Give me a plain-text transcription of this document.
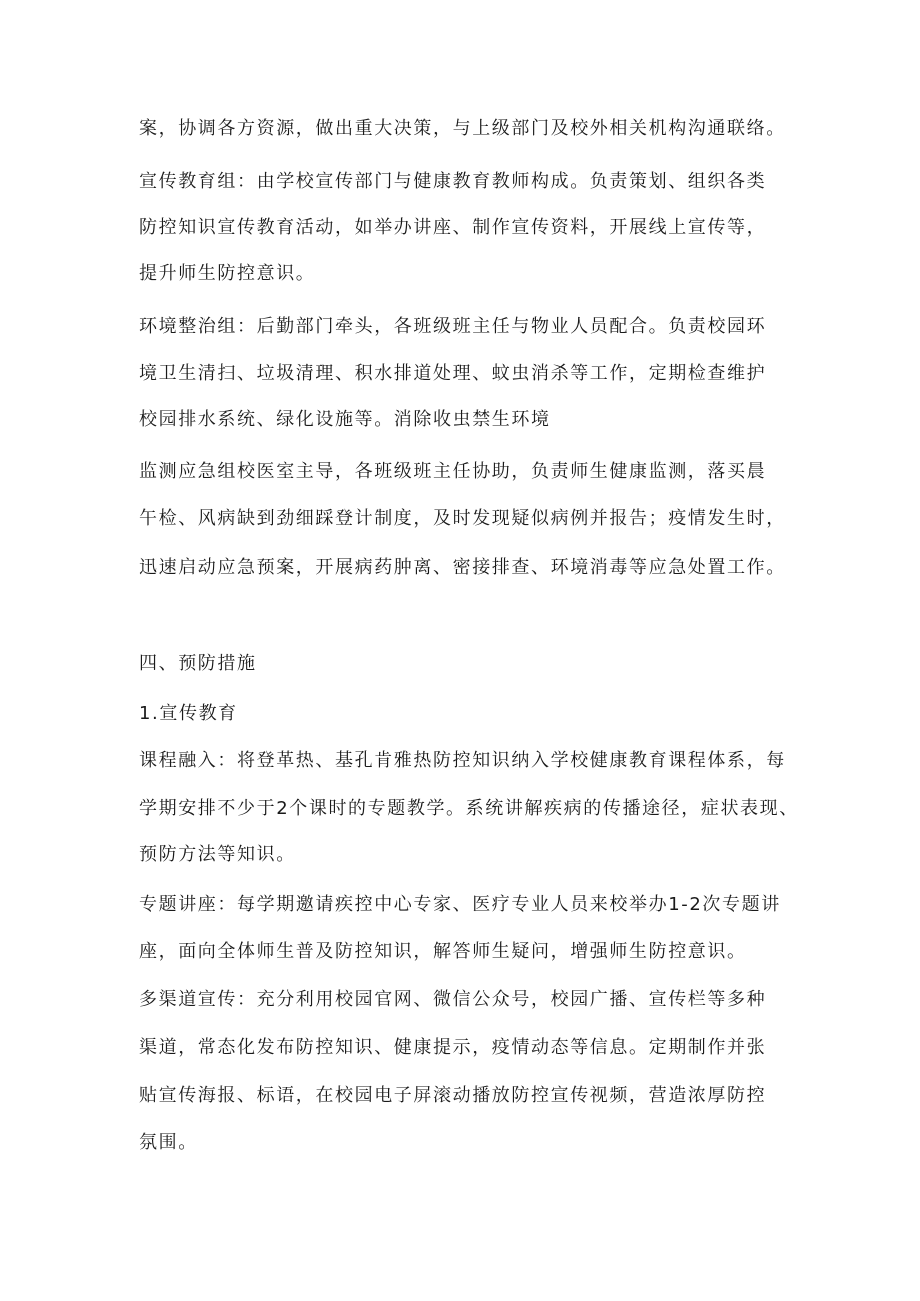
案，协调各方资源，做出重大决策，与上级部门及校外相关机构沟通联络。

宣传教育组：由学校宣传部门与健康教育教师构成。负责策划、组织各类

防控知识宣传教育活动，如举办讲座、制作宣传资料，开展线上宣传等，

提升师生防控意识。

环境整治组：后勤部门牵头，各班级班主任与物业人员配合。负责校园环

境卫生清扫、垃圾清理、积水排道处理、蚊虫消杀等工作，定期检查维护

校园排水系统、绿化设施等。消除收虫禁生环境

监测应急组校医室主导，各班级班主任协助，负责师生健康监测，落买晨

午检、风病缺到劲细踩登计制度，及时发现疑似病例并报告；疫情发生时，

迅速启动应急预案，开展病药肿离、密接排查、环境消毒等应急处置工作。

四、预防措施

1.宣传教育

课程融入：将登革热、基孔肯雅热防控知识纳入学校健康教育课程体系，每

学期安排不少于2个课时的专题教学。系统讲解疾病的传播途径，症状表现、

预防方法等知识。

专题讲座：每学期邀请疾控中心专家、医疗专业人员来校举办1-2次专题讲

座，面向全体师生普及防控知识，解答师生疑问，增强师生防控意识。

多渠道宣传：充分利用校园官网、微信公众号，校园广播、宣传栏等多种

渠道，常态化发布防控知识、健康提示，疫情动态等信息。定期制作并张

贴宣传海报、标语，在校园电子屏滚动播放防控宣传视频，营造浓厚防控

氛围。
